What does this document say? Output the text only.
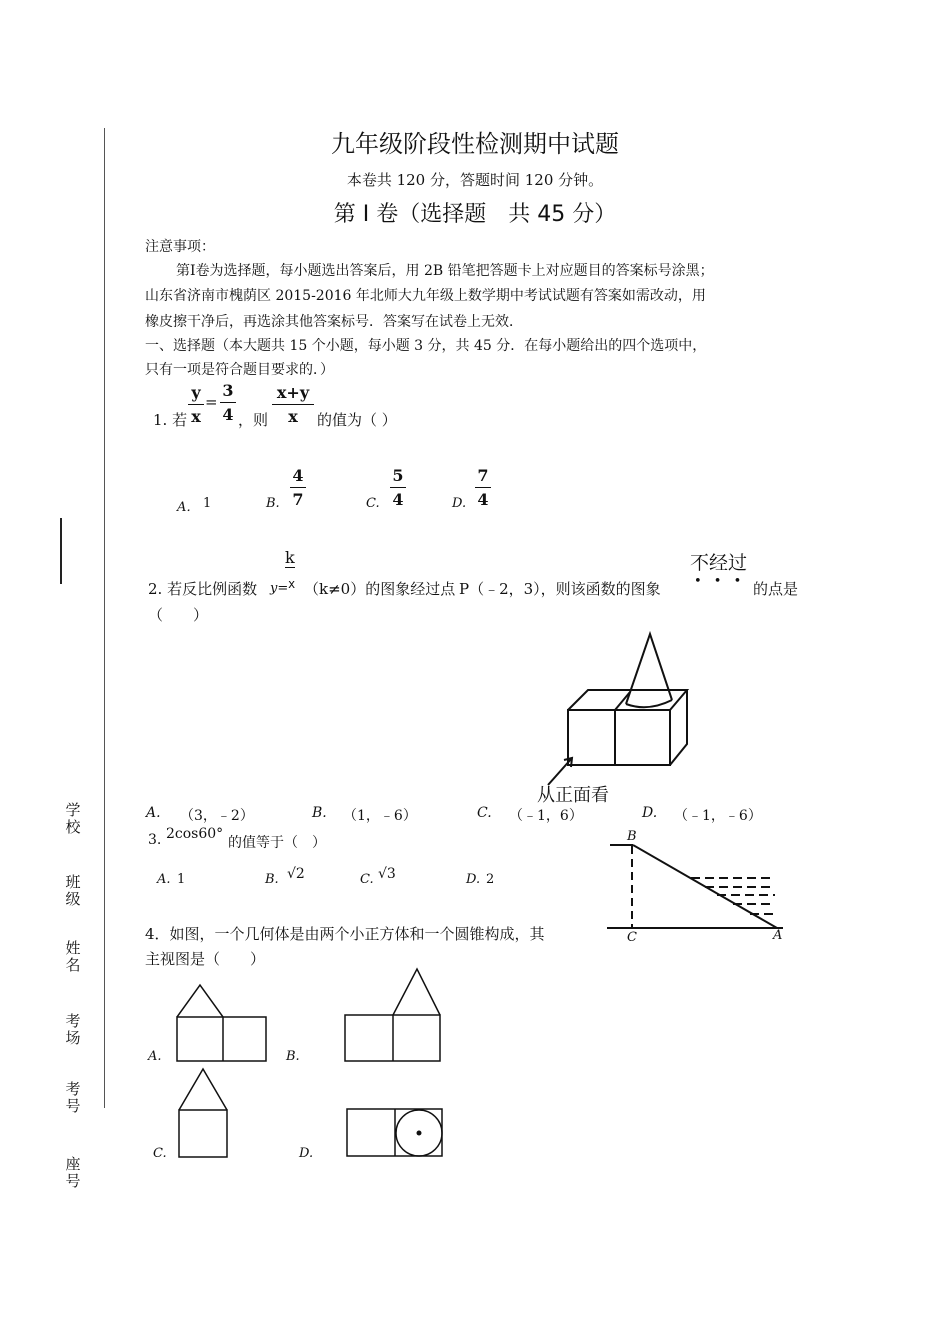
学校
班级
姓名
考场
考号
座号
九年级阶段性检测期中试题
本卷共 120 分，答题时间 120 分钟。
第 I 卷（选择题　共 45 分）
注意事项：
第Ⅰ卷为选择题，每小题选出答案后，用 2B 铅笔把答题卡上对应题目的答案标号涂黑；
山东省济南市槐荫区 2015-2016 年北师大九年级上数学期中考试试题有答案如需改动，用
橡皮擦干净后，再选涂其他答案标号．答案写在试卷上无效．
一、选择题（本大题共 15 个小题，每小题 3 分，共 45 分．在每小题给出的四个选项中，
只有一项是符合题目要求的．）
1. 若
y
x
=
3
4 ，则
x+y
x	的值为（ ）
A． 1	B.
4
7	C.
5
4	D.
7
4
k
x
不经过
2. 若反比例函数 y= （k≠0）的图象经过点 P（﹣2，3），则该函数的图象	• • • 的点是
（　　）
A. （3，﹣2）	B. （1，﹣6）	C. （﹣1，6）	D. （﹣1，﹣6）
从正面看
3. 2cos60°
的值等于（　）
A. 1	B. √2	C. √3	D. 2
B
C	A
4．如图，一个几何体是由两个小正方体和一个圆锥构成，其
主视图是（　　）
A.	B.
C.	D.
